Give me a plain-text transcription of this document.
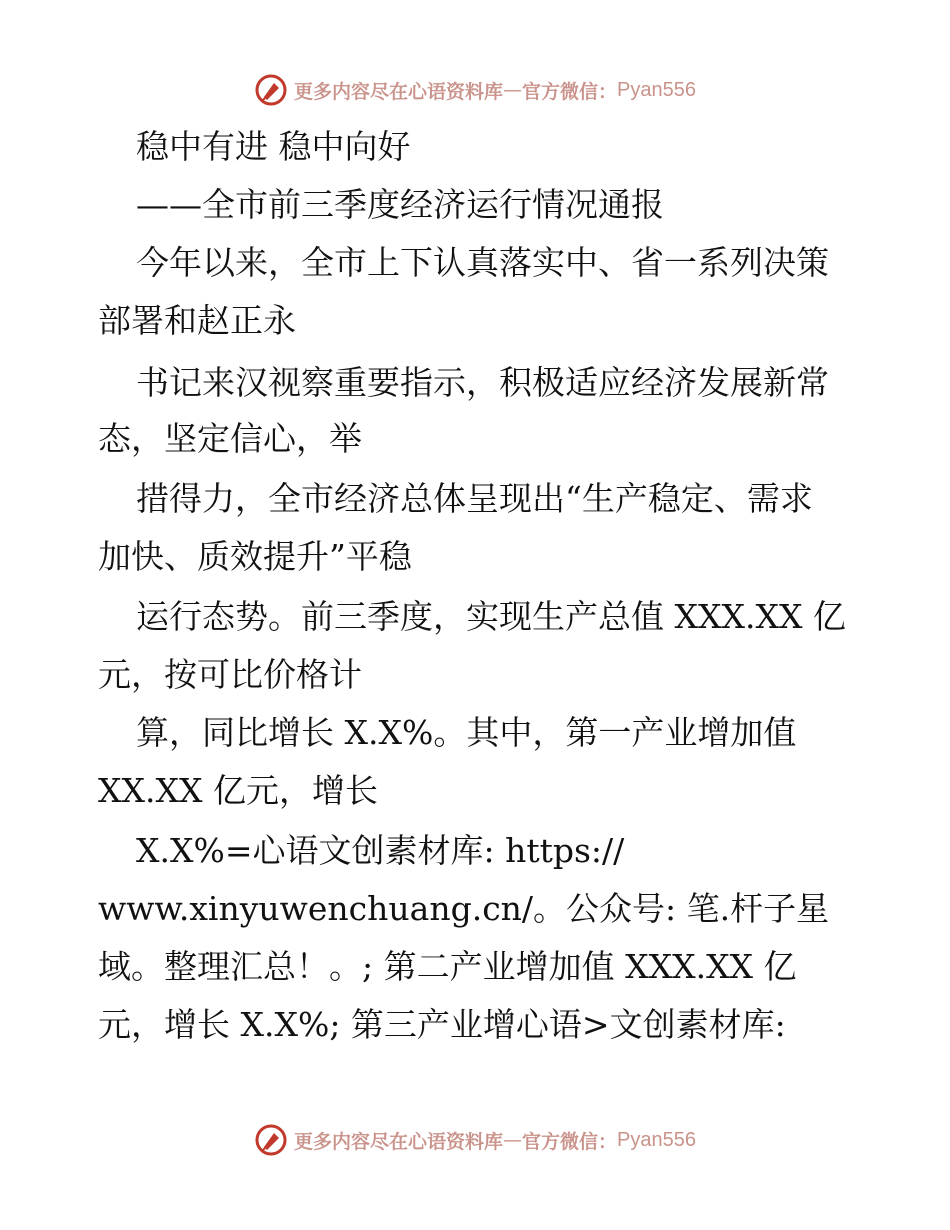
更多内容尽在心语资料库 — 官方微信： Pyan556
稳中有进 稳中向好
——全市前三季度经济运行情况通报
今年以来，全市上下认真落实中、省一系列决策
部署和赵正永
书记来汉视察重要指示，积极适应经济发展新常
态，坚定信心，举
措得力，全市经济总体呈现出“生产稳定、需求
加快、质效提升”平稳
运行态势。前三季度，实现生产总值 XXX.XX 亿
元，按可比价格计
算，同比增长 X.X%。其中，第一产业增加值
XX.XX 亿元，增长
X.X%=心语文创素材库: https://
www.xinyuwenchuang.cn/。公众号: 笔.杆子星
域。整理汇总！。; 第二产业增加值 XXX.XX 亿
元，增长 X.X%; 第三产业增心语>文创素材库:
更多内容尽在心语资料库 — 官方微信： Pyan556
